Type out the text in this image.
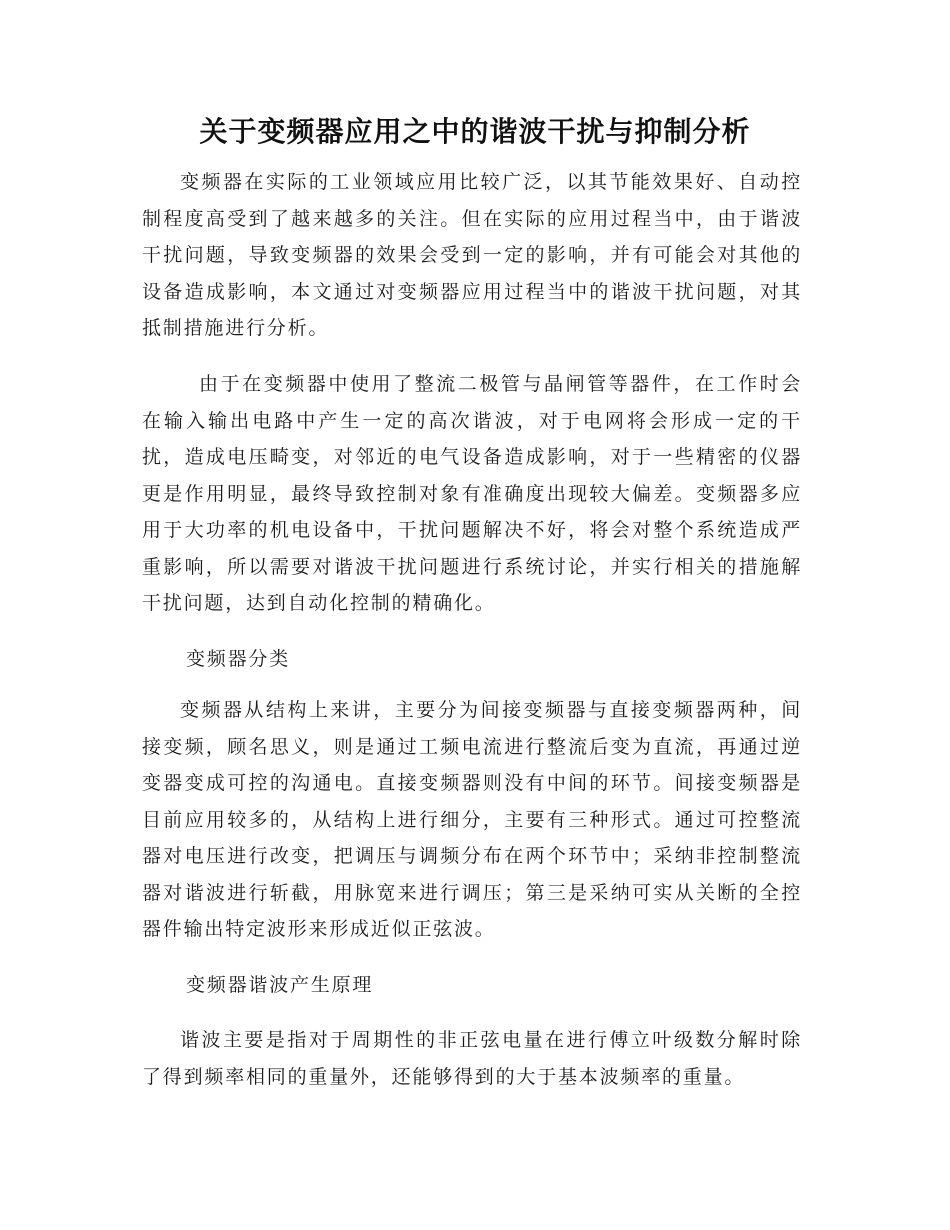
关于变频器应用之中的谐波干扰与抑制分析

变频器在实际的工业领域应用比较广泛，以其节能效果好、自动控制程度高受到了越来越多的关注。但在实际的应用过程当中，由于谐波干扰问题，导致变频器的效果会受到一定的影响，并有可能会对其他的设备造成影响，本文通过对变频器应用过程当中的谐波干扰问题，对其抵制措施进行分析。

由于在变频器中使用了整流二极管与晶闸管等器件，在工作时会在输入输出电路中产生一定的高次谐波，对于电网将会形成一定的干扰，造成电压畸变，对邻近的电气设备造成影响，对于一些精密的仪器更是作用明显，最终导致控制对象有准确度出现较大偏差。变频器多应用于大功率的机电设备中，干扰问题解决不好，将会对整个系统造成严重影响，所以需要对谐波干扰问题进行系统讨论，并实行相关的措施解干扰问题，达到自动化控制的精确化。

变频器分类

变频器从结构上来讲，主要分为间接变频器与直接变频器两种，间接变频，顾名思义，则是通过工频电流进行整流后变为直流，再通过逆变器变成可控的沟通电。直接变频器则没有中间的环节。间接变频器是目前应用较多的，从结构上进行细分，主要有三种形式。通过可控整流器对电压进行改变，把调压与调频分布在两个环节中；采纳非控制整流器对谐波进行斩截，用脉宽来进行调压；第三是采纳可实从关断的全控器件输出特定波形来形成近似正弦波。

变频器谐波产生原理

谐波主要是指对于周期性的非正弦电量在进行傅立叶级数分解时除了得到频率相同的重量外，还能够得到的大于基本波频率的重量。
